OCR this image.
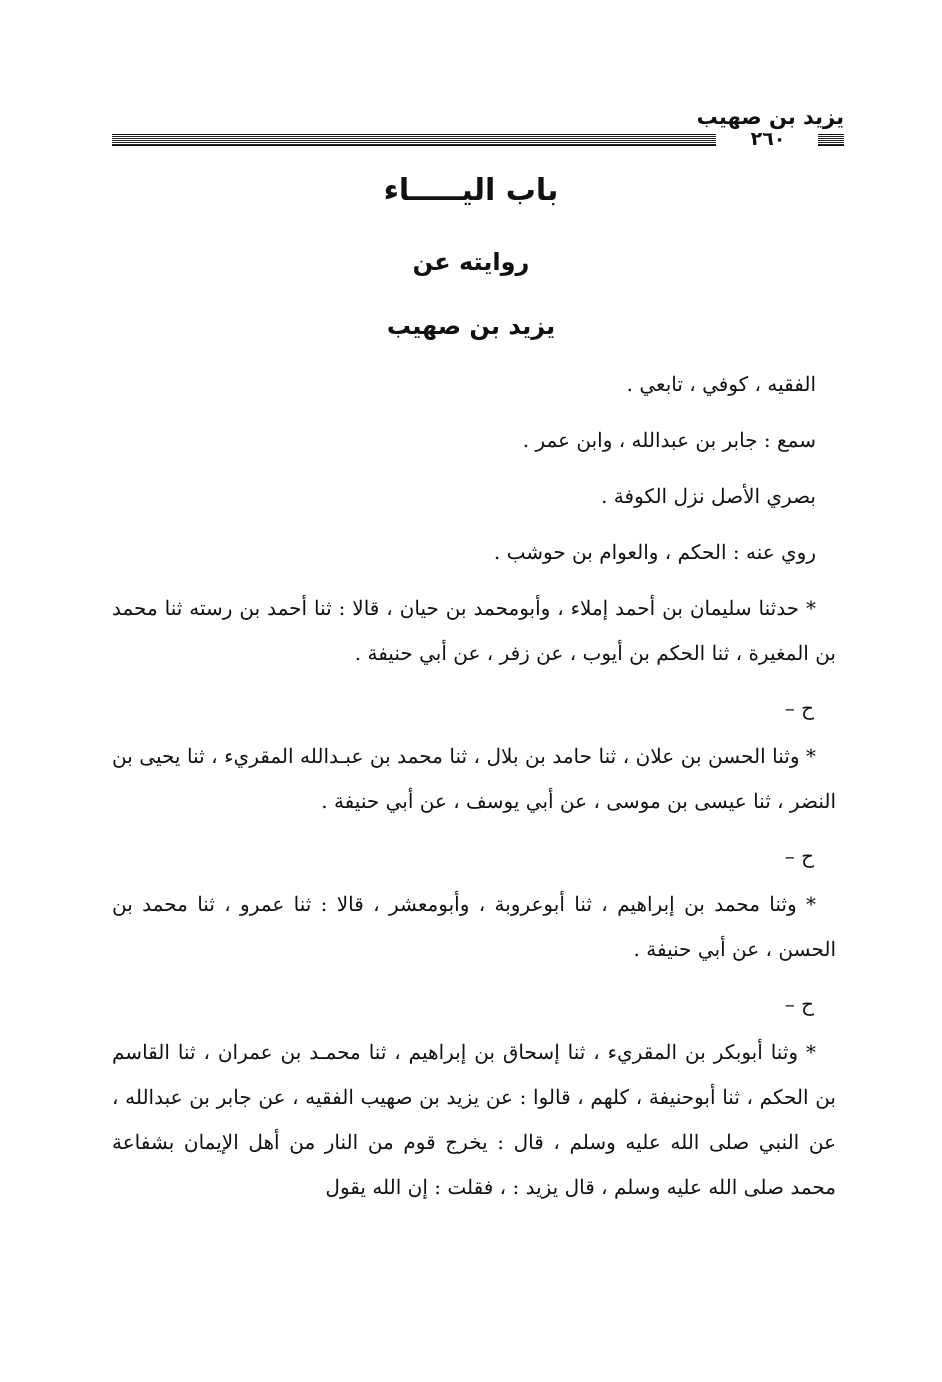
يزيد بن صهيب
٢٦٠
باب اليـــــاء
روايته عن
يزيد بن صهيب

الفقيه ، كوفي ، تابعي .

سمع : جابر بن عبدالله ، وابن عمر .

بصري الأصل نزل الكوفة .

روي عنه : الحكم ، والعوام بن حوشب .

* حدثنا سليمان بن أحمد إملاء ، وأبومحمد بن حيان ، قالا : ثنا أحمد بن رسته ثنا محمد بن المغيرة ، ثنا الحكم بن أيوب ، عن زفر ، عن أبي حنيفة .

ح –

* وثنا الحسن بن علان ، ثنا حامد بن بلال ، ثنا محمد بن عبـدالله المقريء ، ثنا يحيى بن النضر ، ثنا عيسى بن موسى ، عن أبي يوسف ، عن أبي حنيفة .

ح –

* وثنا محمد بن إبراهيم ، ثنا أبوعروبة ، وأبومعشر ، قالا : ثنا عمرو ، ثنا محمد بن الحسن ، عن أبي حنيفة .

ح –

* وثنا أبوبكر بن المقريء ، ثنا إسحاق بن إبراهيم ، ثنا محمـد بن عمران ، ثنا القاسم بن الحكم ، ثنا أبوحنيفة ، كلهم ، قالوا : عن يزيد بن صهيب الفقيه ، عن جابر بن عبدالله ، عن النبي صلى الله عليه وسلم ، قال : يخرج قوم من النار من أهل الإيمان بشفاعة محمد صلى الله عليه وسلم ، قال يزيد : ، فقلت : إن الله يقول
